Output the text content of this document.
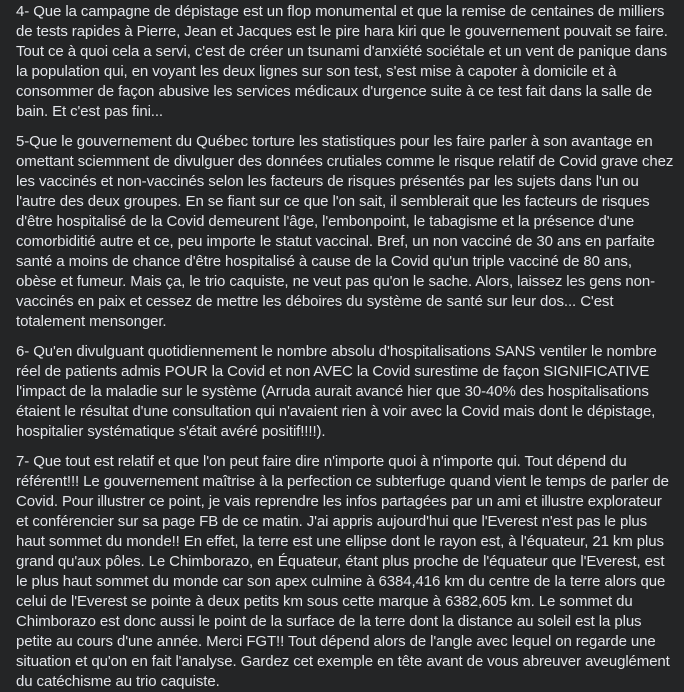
4- Que la campagne de dépistage est un flop monumental et que la remise de centaines de milliers de tests rapides à Pierre, Jean et Jacques est le pire hara kiri que le gouvernement pouvait se faire. Tout ce à quoi cela a servi, c'est de créer un tsunami d'anxiété sociétale et un vent de panique dans la population qui, en voyant les deux lignes sur son test, s'est mise à capoter à domicile et à consommer de façon abusive les services médicaux d'urgence suite à ce test fait dans la salle de bain. Et c'est pas fini...

5-Que le gouvernement du Québec torture les statistiques pour les faire parler à son avantage en omettant sciemment de divulguer des données crutiales comme le risque relatif de Covid grave chez les vaccinés et non-vaccinés selon les facteurs de risques présentés par les sujets dans l'un ou l'autre des deux groupes. En se fiant sur ce que l'on sait, il semblerait que les facteurs de risques d'être hospitalisé de la Covid demeurent l'âge, l'embonpoint, le tabagisme et la présence d'une comorbiditié autre et ce, peu importe le statut vaccinal. Bref, un non vacciné de 30 ans en parfaite santé a moins de chance d'être hospitalisé à cause de la Covid qu'un triple vacciné de 80 ans, obèse et fumeur. Mais ça, le trio caquiste, ne veut pas qu'on le sache. Alors, laissez les gens non-vaccinés en paix et cessez de mettre les déboires du système de santé sur leur dos... C'est totalement mensonger.

6- Qu'en divulguant quotidiennement le nombre absolu d'hospitalisations SANS ventiler le nombre réel de patients admis POUR la Covid et non AVEC la Covid surestime de façon SIGNIFICATIVE l'impact de la maladie sur le système (Arruda aurait avancé hier que 30-40% des hospitalisations étaient le résultat d'une consultation qui n'avaient rien à voir avec la Covid mais dont le dépistage, hospitalier systématique s'était avéré positif!!!!).

7- Que tout est relatif et que l'on peut faire dire n'importe quoi à n'importe qui. Tout dépend du référent!!! Le gouvernement maîtrise à la perfection ce subterfuge quand vient le temps de parler de Covid. Pour illustrer ce point, je vais reprendre les infos partagées par un ami et illustre explorateur et conférencier sur sa page FB de ce matin. J'ai appris aujourd'hui que l'Everest n'est pas le plus haut sommet du monde!! En effet, la terre est une ellipse dont le rayon est, à l'équateur, 21 km plus grand qu'aux pôles. Le Chimborazo, en Équateur, étant plus proche de l'équateur que l'Everest, est le plus haut sommet du monde car son apex culmine à 6384,416 km du centre de la terre alors que celui de l'Everest se pointe à deux petits km sous cette marque à 6382,605 km. Le sommet du Chimborazo est donc aussi le point de la surface de la terre dont la distance au soleil est la plus petite au cours d'une année. Merci FGT!! Tout dépend alors de l'angle avec lequel on regarde une situation et qu'on en fait l'analyse. Gardez cet exemple en tête avant de vous abreuver aveuglément du catéchisme au trio caquiste.
